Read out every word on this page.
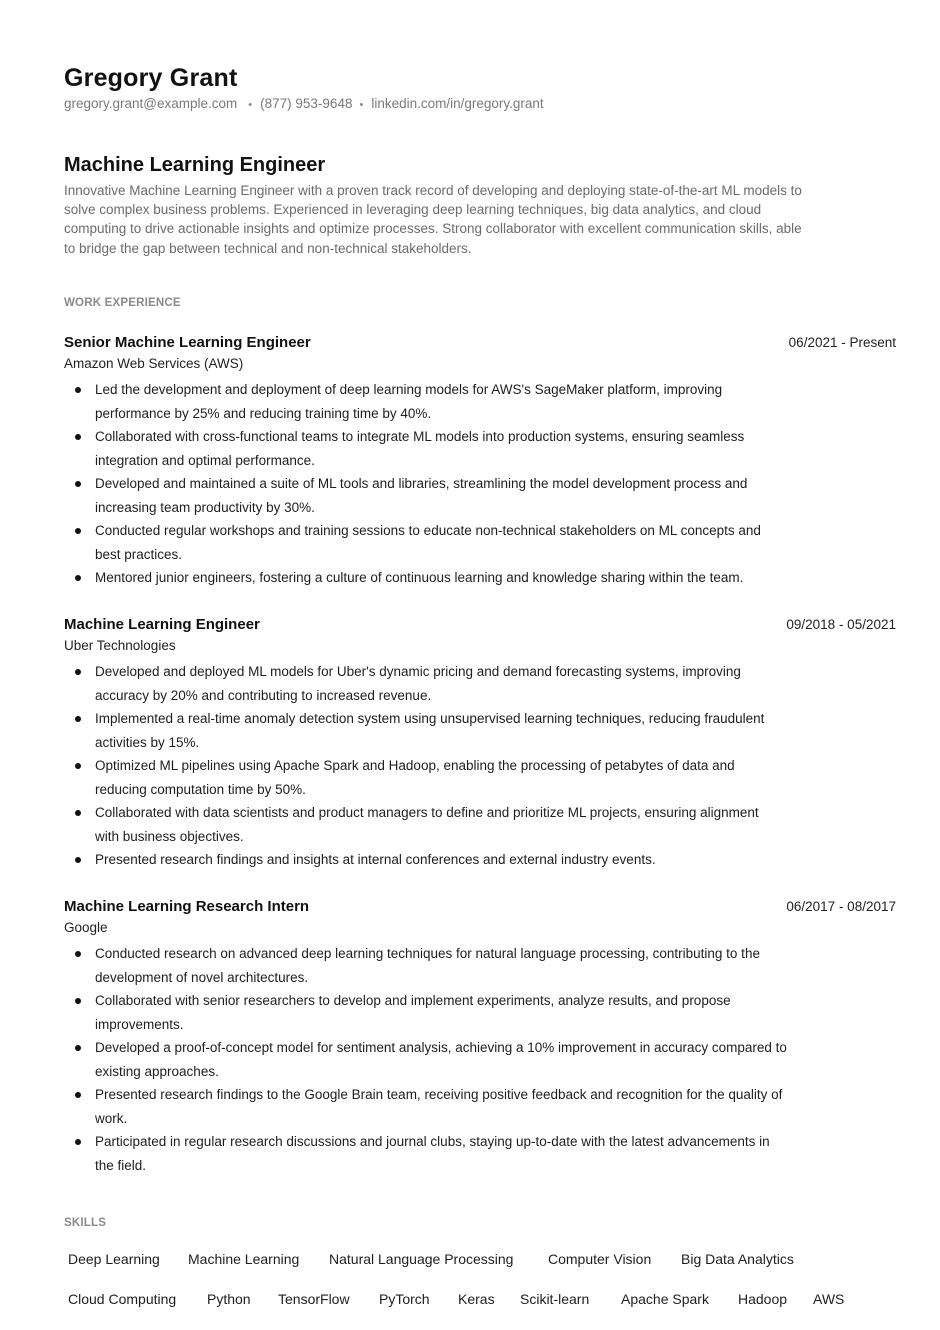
Gregory Grant
gregory.grant@example.com • (877) 953-9648 • linkedin.com/in/gregory.grant
Machine Learning Engineer
Innovative Machine Learning Engineer with a proven track record of developing and deploying state-of-the-art ML models to
solve complex business problems. Experienced in leveraging deep learning techniques, big data analytics, and cloud
computing to drive actionable insights and optimize processes. Strong collaborator with excellent communication skills, able
to bridge the gap between technical and non-technical stakeholders.
WORK EXPERIENCE
Senior Machine Learning Engineer	06/2021 - Present
Amazon Web Services (AWS)
Led the development and deployment of deep learning models for AWS's SageMaker platform, improving
performance by 25% and reducing training time by 40%.
Collaborated with cross-functional teams to integrate ML models into production systems, ensuring seamless
integration and optimal performance.
Developed and maintained a suite of ML tools and libraries, streamlining the model development process and
increasing team productivity by 30%.
Conducted regular workshops and training sessions to educate non-technical stakeholders on ML concepts and
best practices.
Mentored junior engineers, fostering a culture of continuous learning and knowledge sharing within the team.
Machine Learning Engineer	09/2018 - 05/2021
Uber Technologies
Developed and deployed ML models for Uber's dynamic pricing and demand forecasting systems, improving
accuracy by 20% and contributing to increased revenue.
Implemented a real-time anomaly detection system using unsupervised learning techniques, reducing fraudulent
activities by 15%.
Optimized ML pipelines using Apache Spark and Hadoop, enabling the processing of petabytes of data and
reducing computation time by 50%.
Collaborated with data scientists and product managers to define and prioritize ML projects, ensuring alignment
with business objectives.
Presented research findings and insights at internal conferences and external industry events.
Machine Learning Research Intern	06/2017 - 08/2017
Google
Conducted research on advanced deep learning techniques for natural language processing, contributing to the
development of novel architectures.
Collaborated with senior researchers to develop and implement experiments, analyze results, and propose
improvements.
Developed a proof-of-concept model for sentiment analysis, achieving a 10% improvement in accuracy compared to
existing approaches.
Presented research findings to the Google Brain team, receiving positive feedback and recognition for the quality of
work.
Participated in regular research discussions and journal clubs, staying up-to-date with the latest advancements in
the field.
SKILLS
Deep Learning Machine Learning Natural Language Processing Computer Vision Big Data Analytics
Cloud Computing Python TensorFlow PyTorch Keras Scikit-learn Apache Spark Hadoop AWS
